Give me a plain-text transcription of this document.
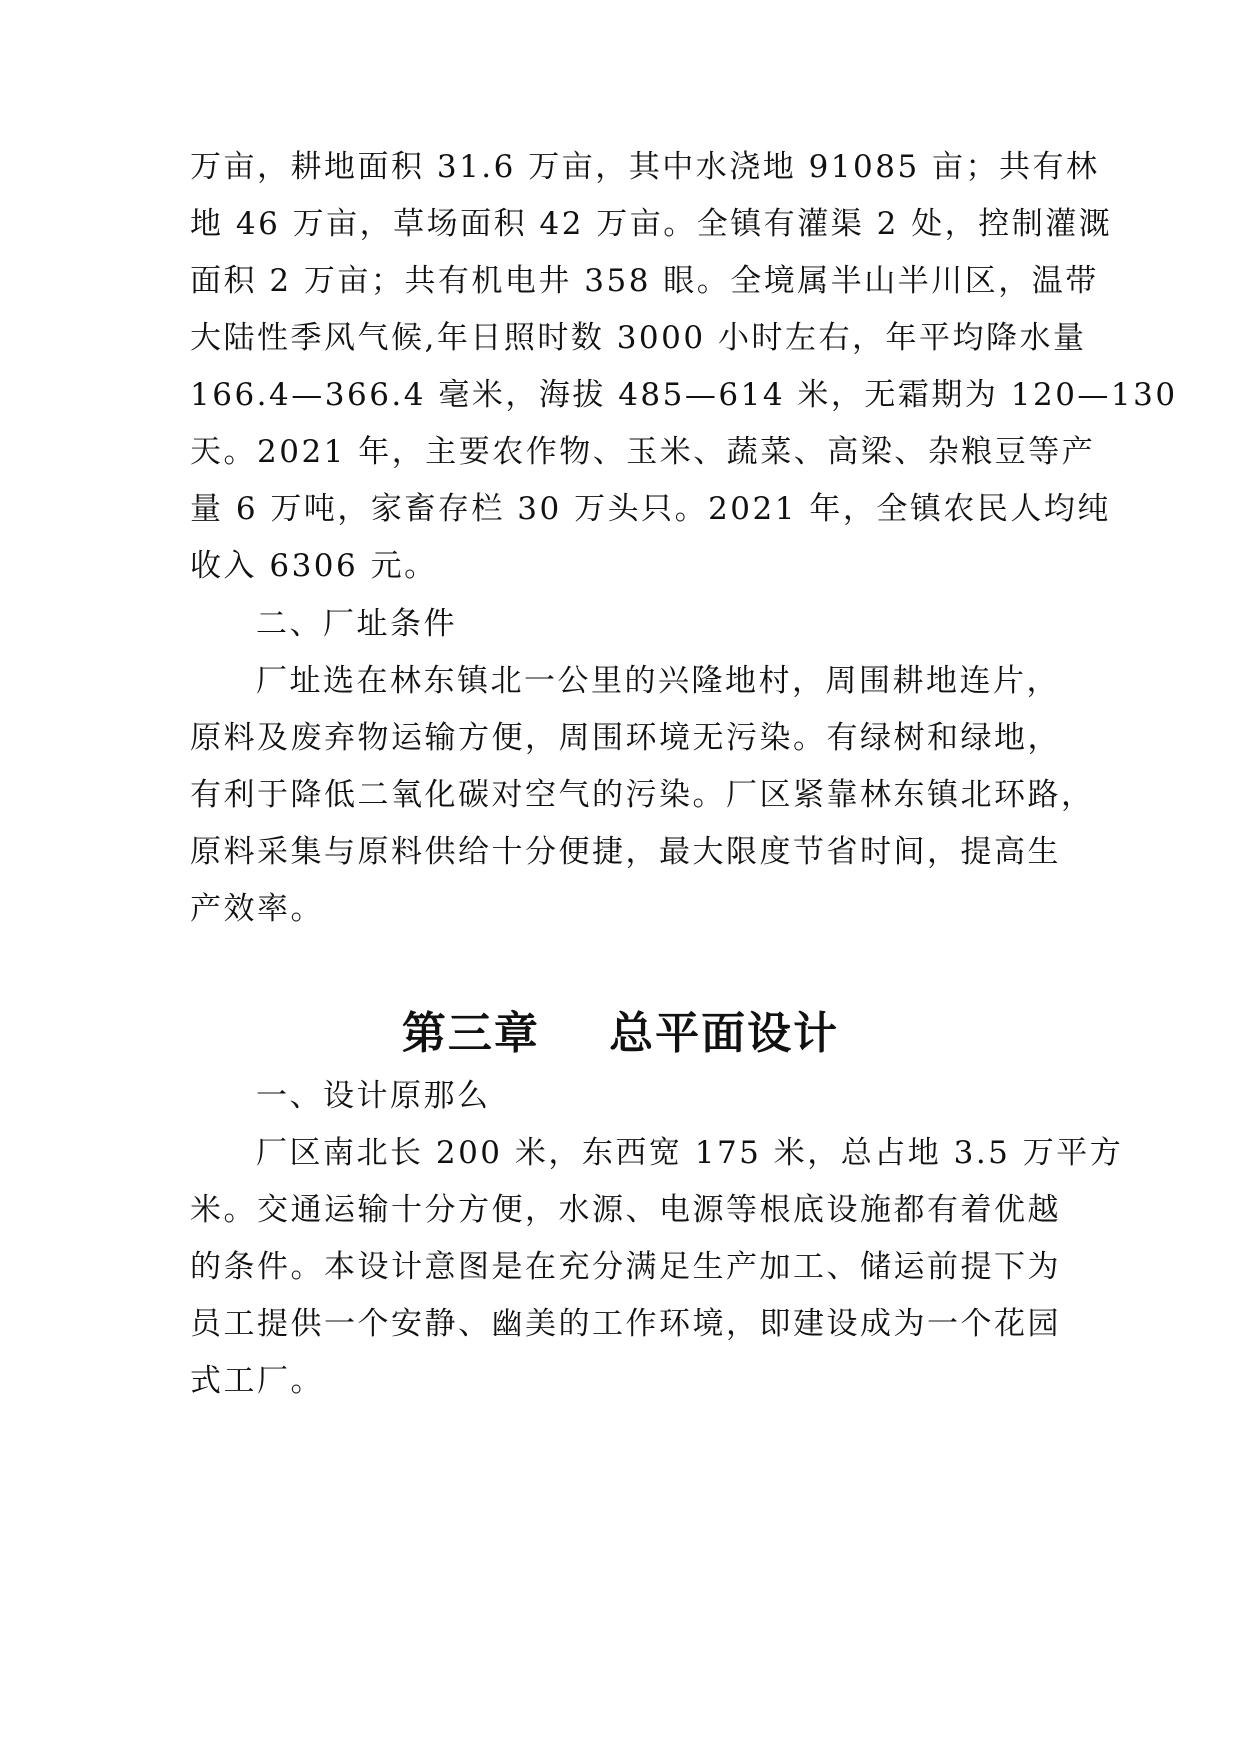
万亩，耕地面积 31.6 万亩，其中水浇地 91085 亩；共有林
地 46 万亩，草场面积 42 万亩。全镇有灌渠 2 处，控制灌溉
面积 2 万亩；共有机电井 358 眼。全境属半山半川区，温带
大陆性季风气候,年日照时数 3000 小时左右，年平均降水量
166.4—366.4 毫米，海拔 485—614 米，无霜期为 120—130
天。2021 年，主要农作物、玉米、蔬菜、高梁、杂粮豆等产
量 6 万吨，家畜存栏 30 万头只。2021 年，全镇农民人均纯
收入 6306 元。
二、厂址条件
厂址选在林东镇北一公里的兴隆地村，周围耕地连片，
原料及废弃物运输方便，周围环境无污染。有绿树和绿地，
有利于降低二氧化碳对空气的污染。厂区紧靠林东镇北环路，
原料采集与原料供给十分便捷，最大限度节省时间，提高生
产效率。
第三章    总平面设计
一、设计原那么
厂区南北长 200 米，东西宽 175 米，总占地 3.5 万平方
米。交通运输十分方便，水源、电源等根底设施都有着优越
的条件。本设计意图是在充分满足生产加工、储运前提下为
员工提供一个安静、幽美的工作环境，即建设成为一个花园
式工厂。
